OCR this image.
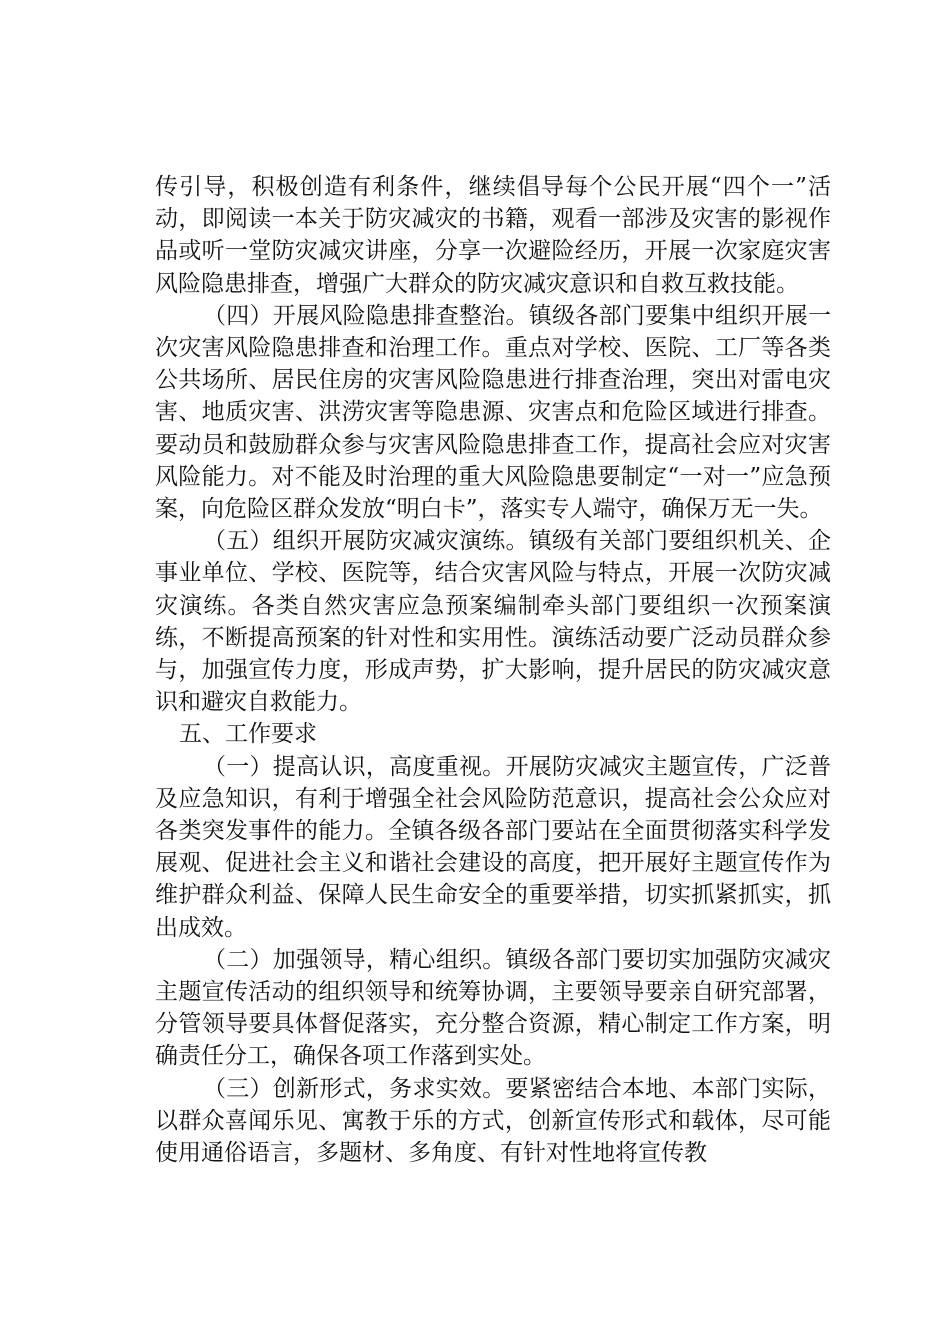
传引导，积极创造有利条件，继续倡导每个公民开展“四个一”活动，即阅读一本关于防灾减灾的书籍，观看一部涉及灾害的影视作品或听一堂防灾减灾讲座，分享一次避险经历，开展一次家庭灾害风险隐患排查，增强广大群众的防灾减灾意识和自救互救技能。

（四）开展风险隐患排查整治。镇级各部门要集中组织开展一次灾害风险隐患排查和治理工作。重点对学校、医院、工厂等各类公共场所、居民住房的灾害风险隐患进行排查治理，突出对雷电灾害、地质灾害、洪涝灾害等隐患源、灾害点和危险区域进行排查。要动员和鼓励群众参与灾害风险隐患排查工作，提高社会应对灾害风险能力。对不能及时治理的重大风险隐患要制定“一对一”应急预案，向危险区群众发放“明白卡”，落实专人端守，确保万无一失。

（五）组织开展防灾减灾演练。镇级有关部门要组织机关、企事业单位、学校、医院等，结合灾害风险与特点，开展一次防灾减灾演练。各类自然灾害应急预案编制牵头部门要组织一次预案演练，不断提高预案的针对性和实用性。演练活动要广泛动员群众参与，加强宣传力度，形成声势，扩大影响，提升居民的防灾减灾意识和避灾自救能力。

五、工作要求

（一）提高认识，高度重视。开展防灾减灾主题宣传，广泛普及应急知识，有利于增强全社会风险防范意识，提高社会公众应对各类突发事件的能力。全镇各级各部门要站在全面贯彻落实科学发展观、促进社会主义和谐社会建设的高度，把开展好主题宣传作为维护群众利益、保障人民生命安全的重要举措，切实抓紧抓实，抓出成效。

（二）加强领导，精心组织。镇级各部门要切实加强防灾减灾主题宣传活动的组织领导和统筹协调，主要领导要亲自研究部署，分管领导要具体督促落实，充分整合资源，精心制定工作方案，明确责任分工，确保各项工作落到实处。

（三）创新形式，务求实效。要紧密结合本地、本部门实际，以群众喜闻乐见、寓教于乐的方式，创新宣传形式和载体，尽可能使用通俗语言，多题材、多角度、有针对性地将宣传教
